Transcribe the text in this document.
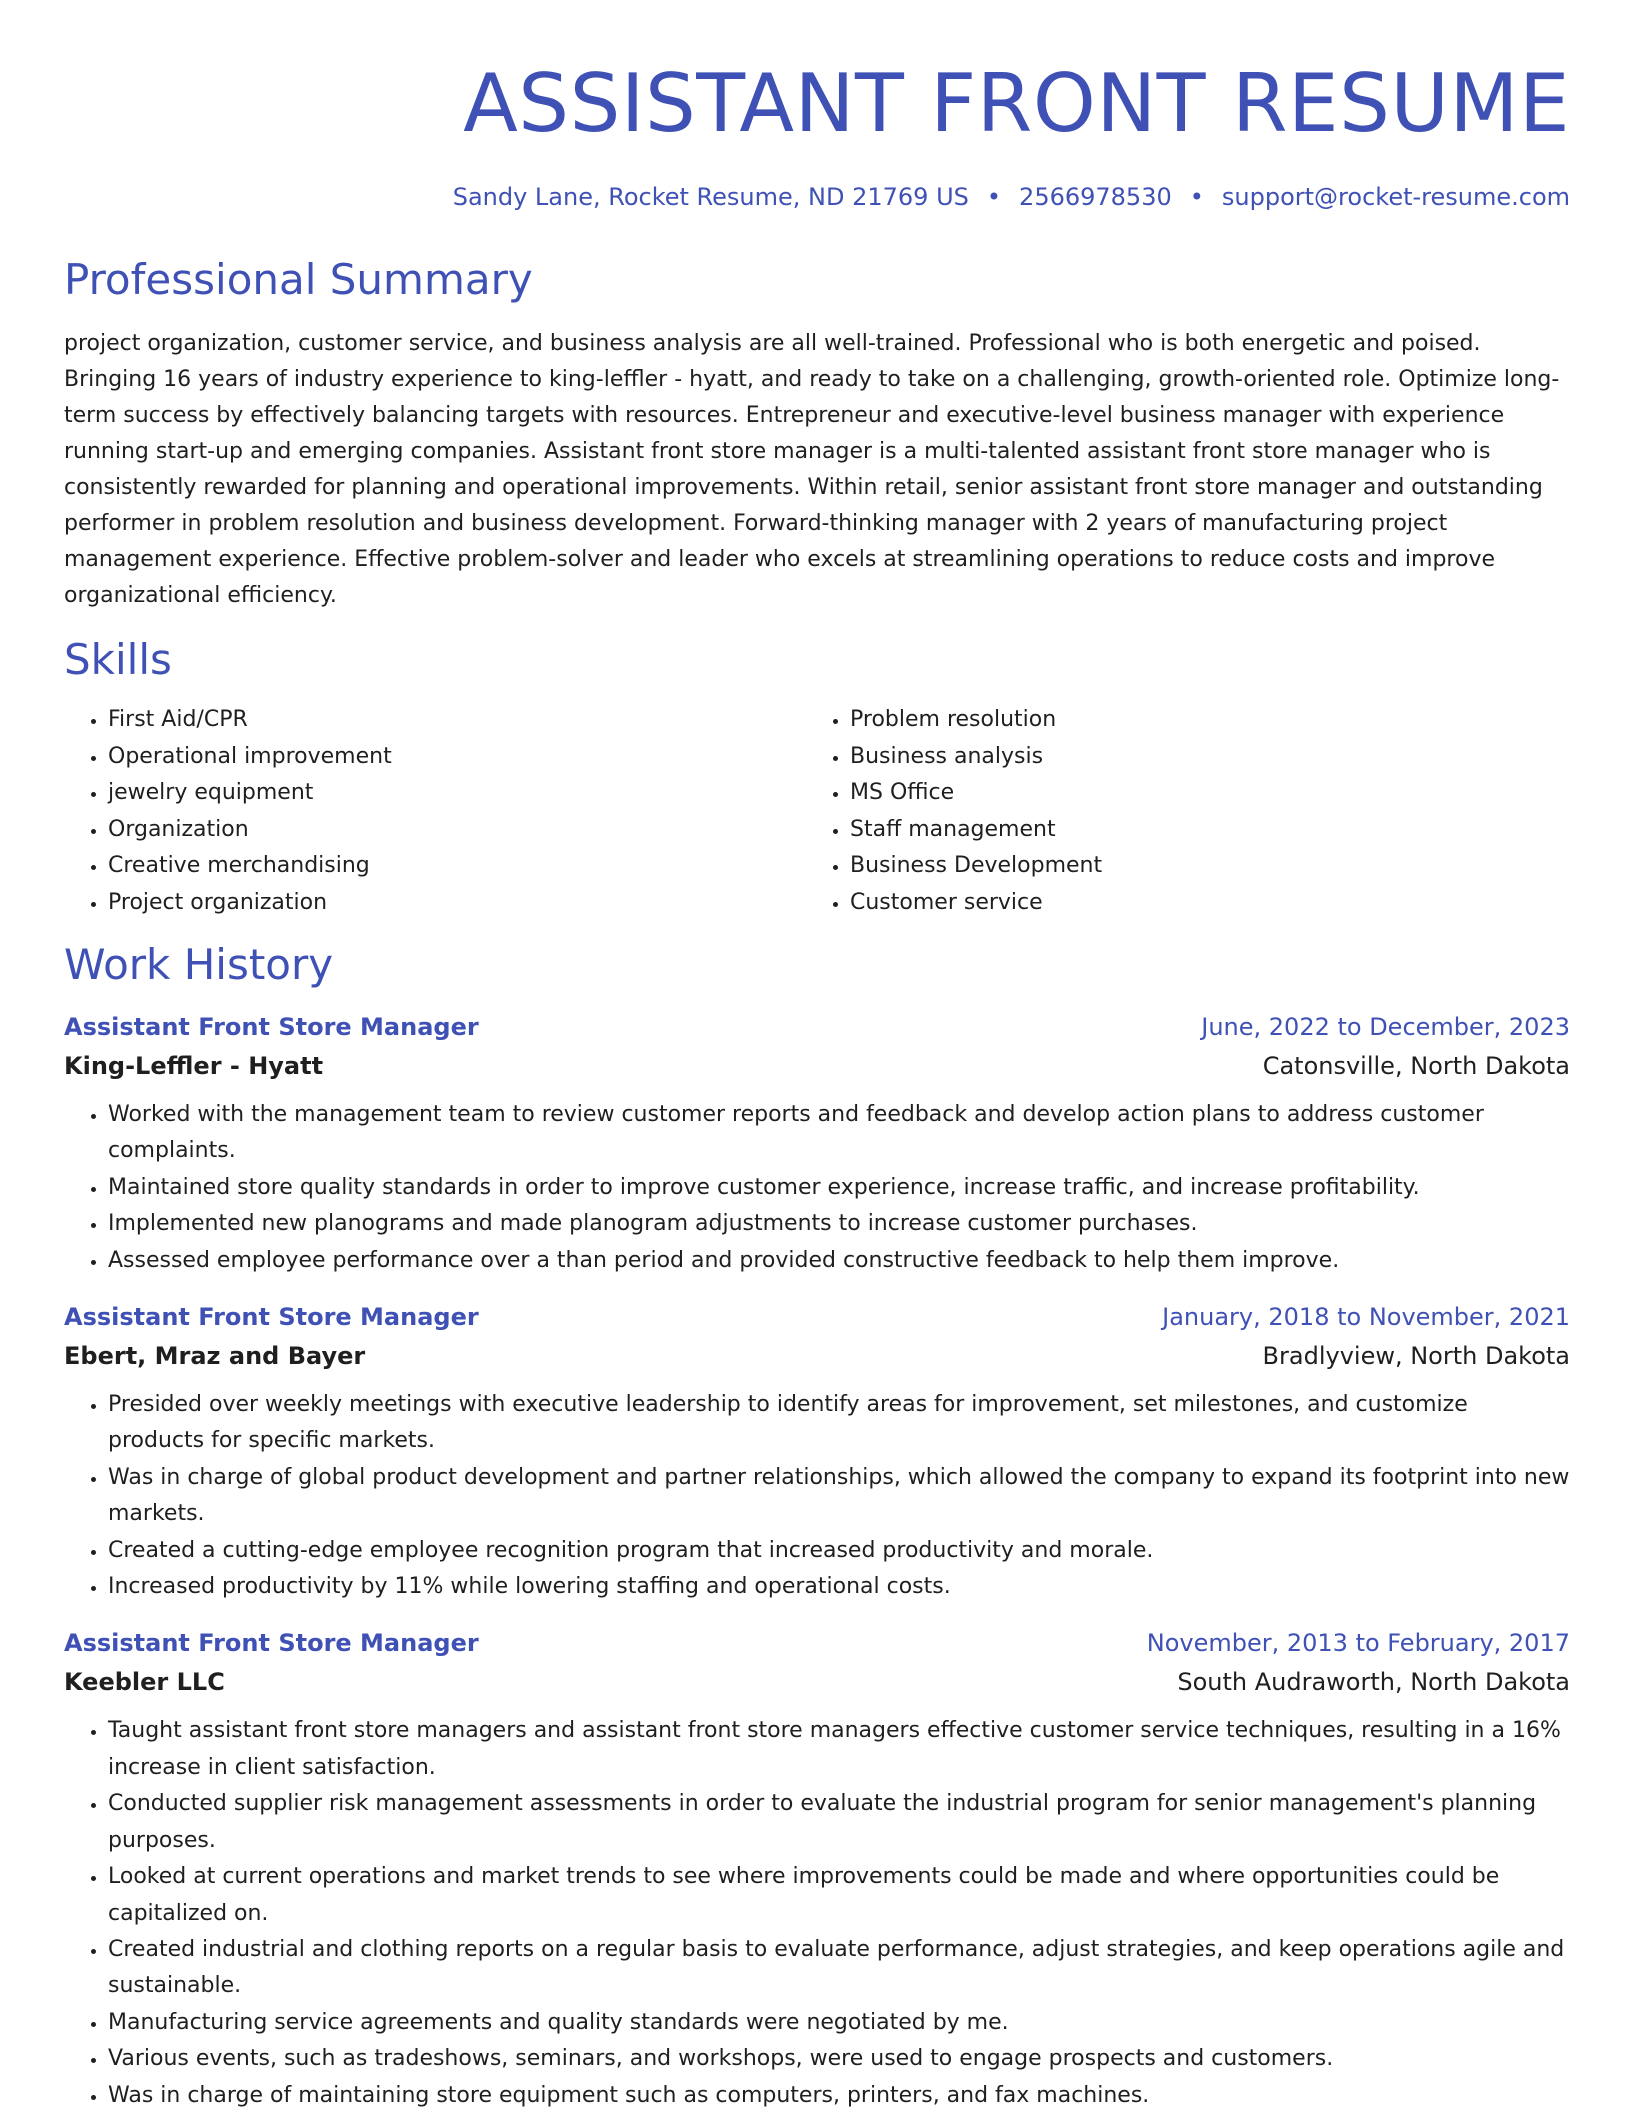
ASSISTANT FRONT RESUME
Sandy Lane, Rocket Resume, ND 21769 US • 2566978530 • support@rocket-resume.com
Professional Summary
project organization, customer service, and business analysis are all well-trained. Professional who is both energetic and poised. Bringing 16 years of industry experience to king-leffler - hyatt, and ready to take on a challenging, growth-oriented role. Optimize long-term success by effectively balancing targets with resources. Entrepreneur and executive-level business manager with experience running start-up and emerging companies. Assistant front store manager is a multi-talented assistant front store manager who is consistently rewarded for planning and operational improvements. Within retail, senior assistant front store manager and outstanding performer in problem resolution and business development. Forward-thinking manager with 2 years of manufacturing project management experience. Effective problem-solver and leader who excels at streamlining operations to reduce costs and improve organizational efficiency.
Skills
• First Aid/CPR
• Operational improvement
• jewelry equipment
• Organization
• Creative merchandising
• Project organization
• Problem resolution
• Business analysis
• MS Office
• Staff management
• Business Development
• Customer service
Work History
Assistant Front Store Manager	June, 2022 to December, 2023
King-Leffler - Hyatt	Catonsville, North Dakota
• Worked with the management team to review customer reports and feedback and develop action plans to address customer complaints.
• Maintained store quality standards in order to improve customer experience, increase traffic, and increase profitability.
• Implemented new planograms and made planogram adjustments to increase customer purchases.
• Assessed employee performance over a than period and provided constructive feedback to help them improve.
Assistant Front Store Manager	January, 2018 to November, 2021
Ebert, Mraz and Bayer	Bradlyview, North Dakota
• Presided over weekly meetings with executive leadership to identify areas for improvement, set milestones, and customize products for specific markets.
• Was in charge of global product development and partner relationships, which allowed the company to expand its footprint into new markets.
• Created a cutting-edge employee recognition program that increased productivity and morale.
• Increased productivity by 11% while lowering staffing and operational costs.
Assistant Front Store Manager	November, 2013 to February, 2017
Keebler LLC	South Audraworth, North Dakota
• Taught assistant front store managers and assistant front store managers effective customer service techniques, resulting in a 16% increase in client satisfaction.
• Conducted supplier risk management assessments in order to evaluate the industrial program for senior management's planning purposes.
• Looked at current operations and market trends to see where improvements could be made and where opportunities could be capitalized on.
• Created industrial and clothing reports on a regular basis to evaluate performance, adjust strategies, and keep operations agile and sustainable.
• Manufacturing service agreements and quality standards were negotiated by me.
• Various events, such as tradeshows, seminars, and workshops, were used to engage prospects and customers.
• Was in charge of maintaining store equipment such as computers, printers, and fax machines.
